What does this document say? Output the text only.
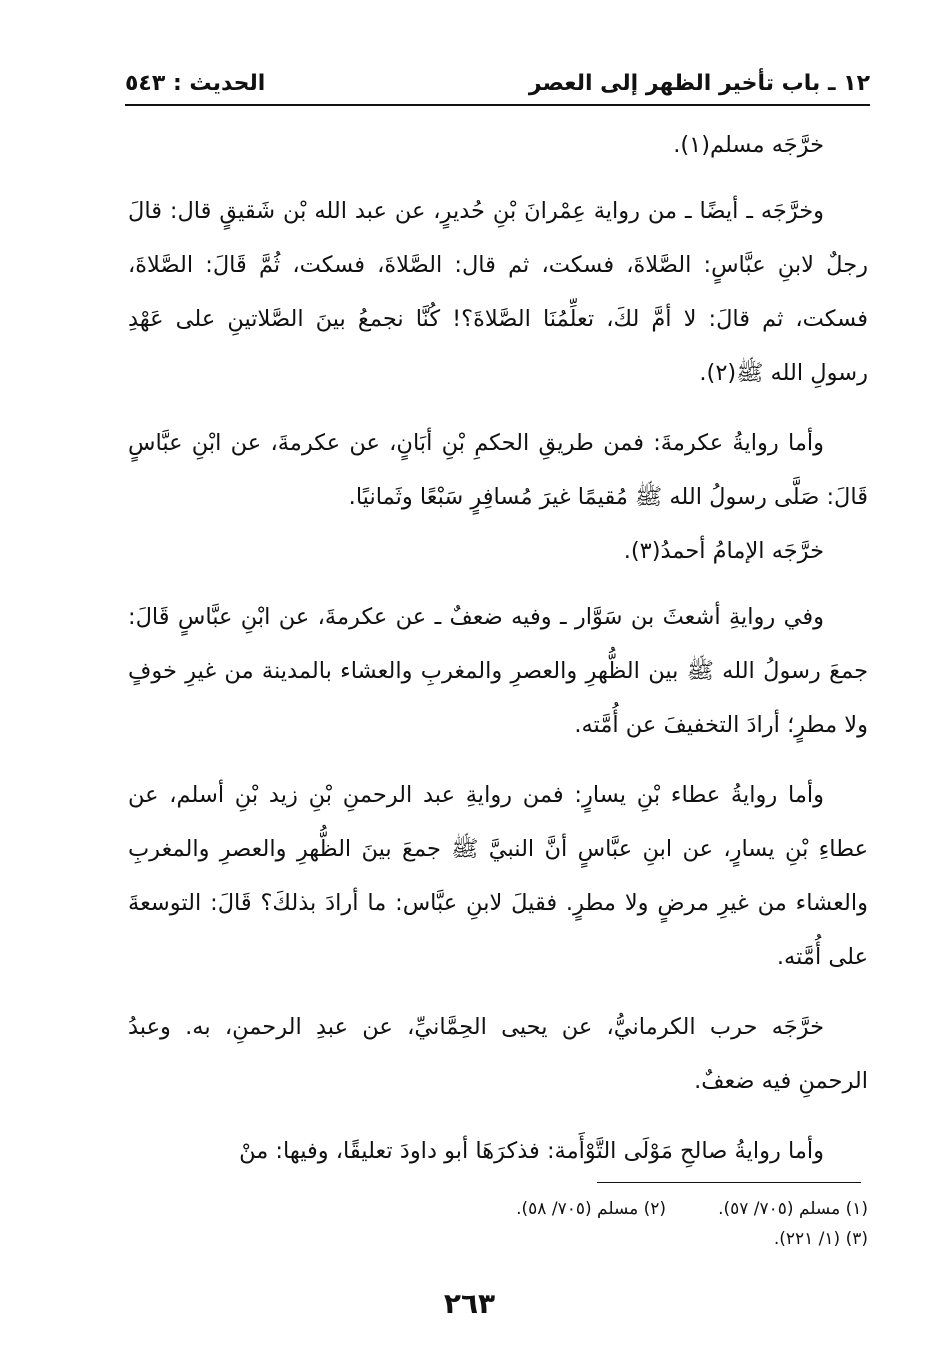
١٢ ـ باب تأخير الظهر إلى العصر
الحديث : ٥٤٣

خرَّجَه مسلم(١).

وخرَّجَه ـ أيضًا ـ من رواية عِمْرانَ بْنِ حُديرٍ، عن عبد الله بْن شَقيقٍ قال: قالَ رجلٌ لابنِ عبَّاسٍ: الصَّلاةَ، فسكت، ثم قال: الصَّلاةَ، فسكت، ثُمَّ قَالَ: الصَّلاةَ، فسكت، ثم قالَ: لا أمَّ لكَ، تعلِّمُنَا الصَّلاةَ؟! كُنَّا نجمعُ بينَ الصَّلاتينِ على عَهْدِ رسولِ الله ﷺ(٢).

وأما روايةُ عكرمةَ: فمن طريقِ الحكمِ بْنِ أبَانٍ، عن عكرمةَ، عن ابْنِ عبَّاسٍ قَالَ: صَلَّى رسولُ الله ﷺ مُقيمًا غيرَ مُسافِرٍ سَبْعًا وثَمانيًا.

خرَّجَه الإمامُ أحمدُ(٣).

وفي روايةِ أشعثَ بن سَوَّار ـ وفيه ضعفٌ ـ عن عكرمةَ، عن ابْنِ عبَّاسٍ قَالَ: جمعَ رسولُ الله ﷺ بين الظُّهرِ والعصرِ والمغربِ والعشاء بالمدينة من غيرِ خوفٍ ولا مطرٍ؛ أرادَ التخفيفَ عن أُمَّته.

وأما روايةُ عطاء بْنِ يسارٍ: فمن روايةِ عبد الرحمنِ بْنِ زيد بْنِ أسلم، عن عطاءِ بْنِ يسارٍ، عن ابنِ عبَّاسٍ أنَّ النبيَّ ﷺ جمعَ بينَ الظُّهرِ والعصرِ والمغربِ والعشاء من غيرِ مرضٍ ولا مطرٍ. فقيلَ لابنِ عبَّاس: ما أرادَ بذلكَ؟ قَالَ: التوسعةَ على أُمَّته.

خرَّجَه حرب الكرمانيُّ، عن يحيى الحِمَّانيِّ، عن عبدِ الرحمنِ، به. وعبدُ الرحمنِ فيه ضعفٌ.

وأما روايةُ صالحِ مَوْلَى التَّوْأَمة: فذكرَهَا أبو داودَ تعليقًا، وفيها: منْ

(١) مسلم (٧٠٥/ ٥٧).(٢) مسلم (٧٠٥/ ٥٨).
(٣) (١/ ٢٢١).
٢٦٣
